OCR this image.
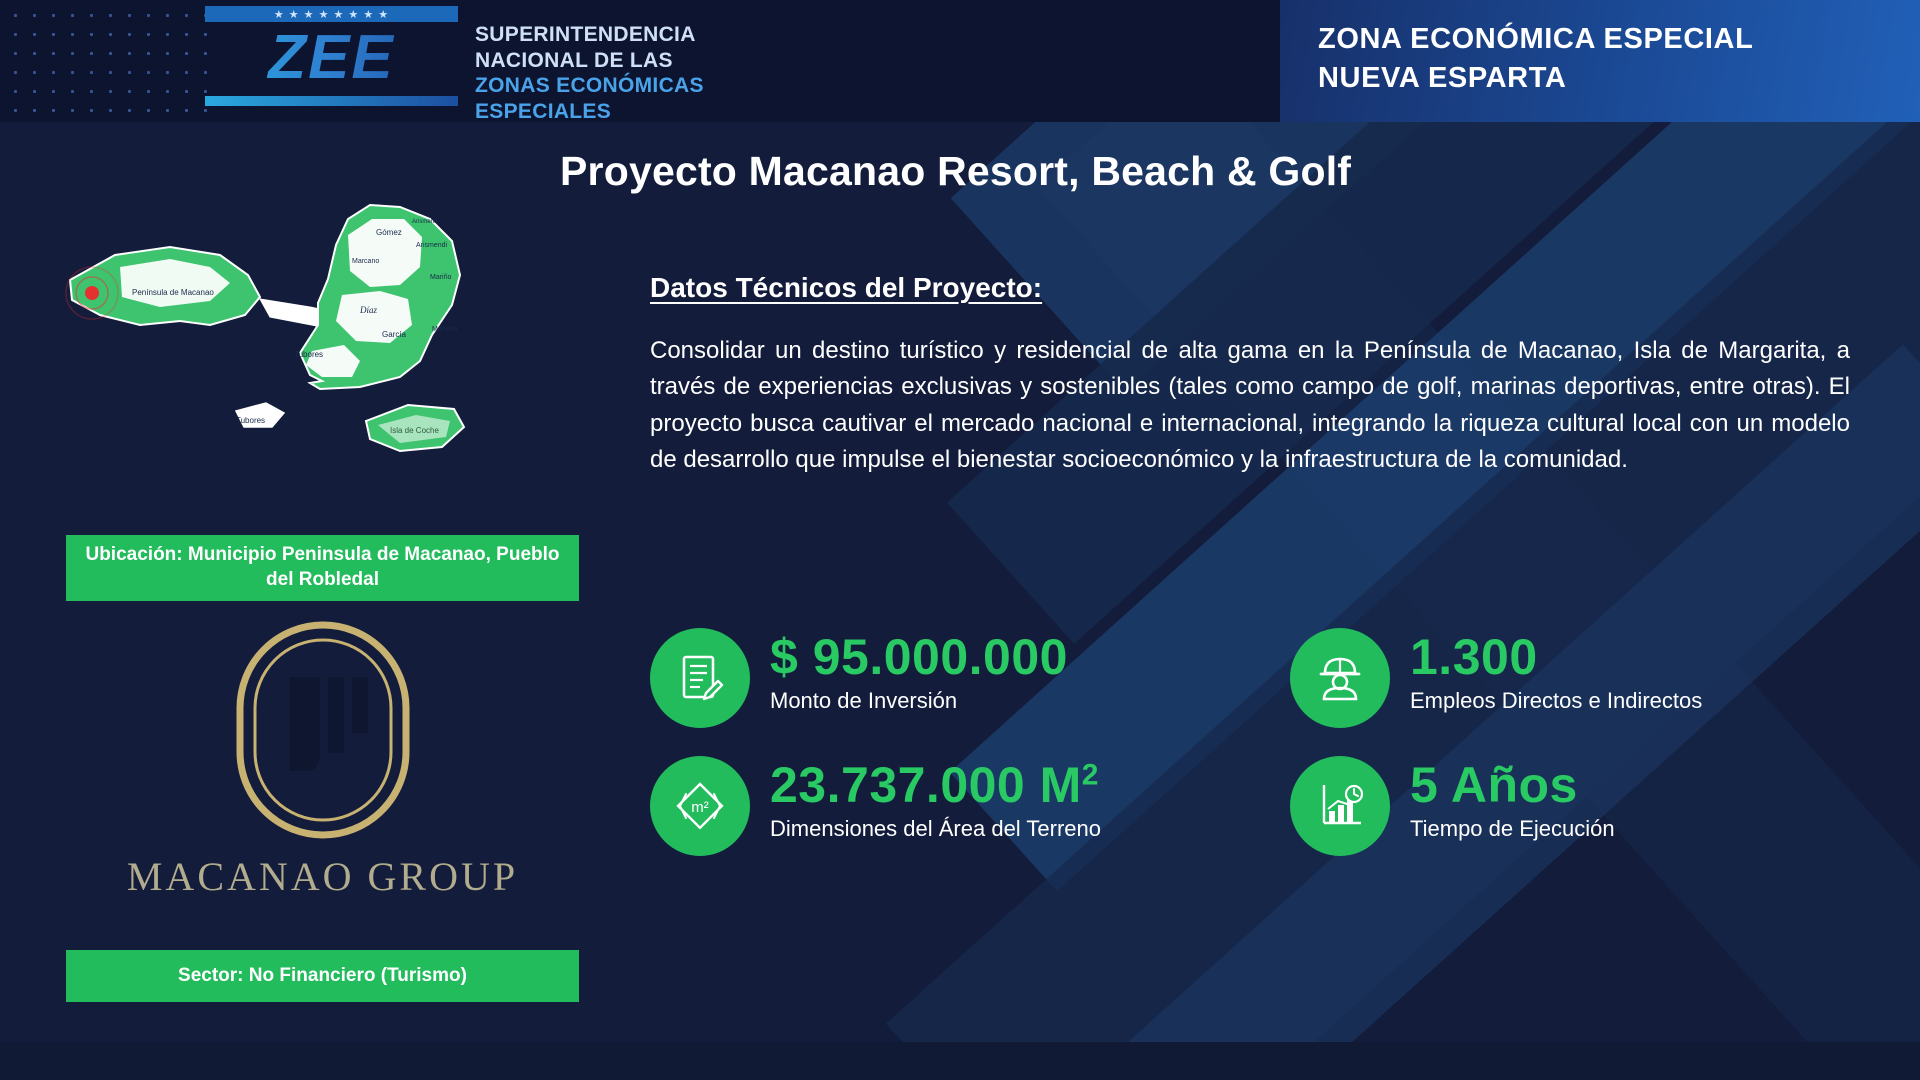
★ ★ ★ ★ ★ ★ ★ ★
ZEE	SUPERINTENDENCIA
NACIONAL DE LAS
ZONAS ECONÓMICAS
ESPECIALES
ZONA ECONÓMICA ESPECIAL
NUEVA ESPARTA
Proyecto Macanao Resort, Beach & Golf
Península de Macanao
Gómez
Marcano
Arismendi
Arismendi
Mariño
Díaz
García
Maneiro
Tubores
Tubores
Isla de Coche
Ubicación: Municipio Peninsula de Macanao, Pueblo del Robledal
MACANAO GROUP
Sector: No Financiero (Turismo)
Datos Técnicos del Proyecto:
Consolidar un destino turístico y residencial de alta gama en la Península de Macanao, Isla de Margarita, a través de experiencias exclusivas y sostenibles (tales como campo de golf, marinas deportivas, entre otras). El proyecto busca cautivar el mercado nacional e internacional, integrando la riqueza cultural local con un modelo de desarrollo que impulse el bienestar socioeconómico y la infraestructura de la comunidad.
$ 95.000.000
Monto de Inversión
1.300
Empleos Directos e Indirectos
m² 23.737.000 $M^2$
Dimensiones del Área del Terreno
5 Años
Tiempo de Ejecución
